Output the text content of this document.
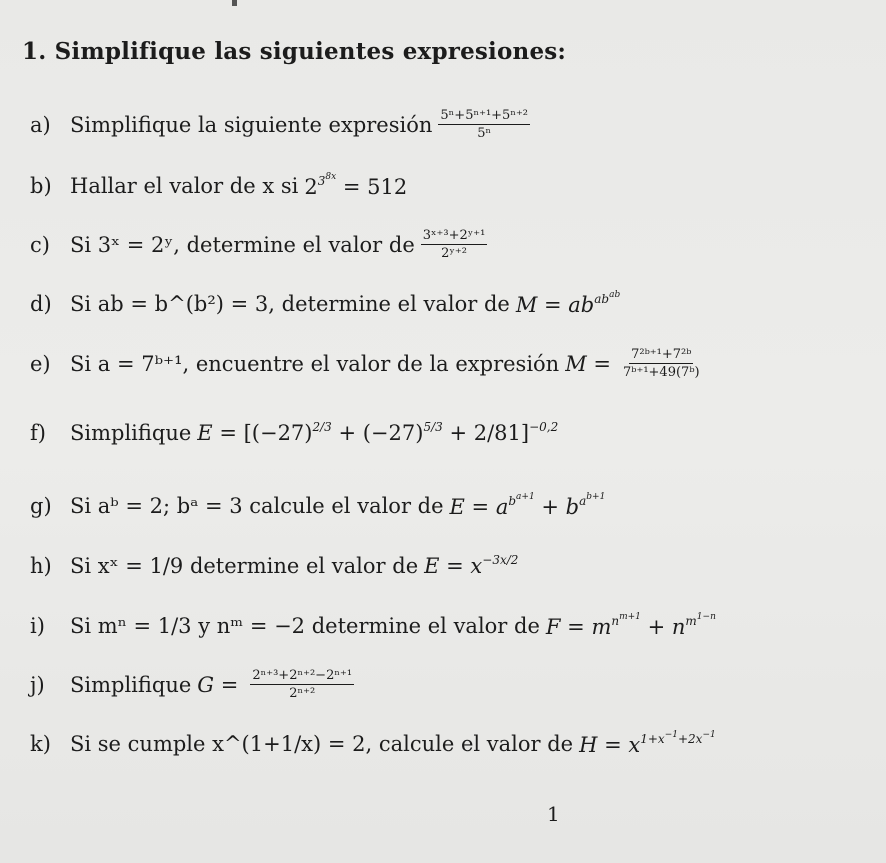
1. Simplifique las siguientes expresiones:
a) Simplifique la siguiente expresión $\frac{\text{5ⁿ+5ⁿ⁺¹+5ⁿ⁺²}}{\text{5ⁿ}}$
b) Hallar el valor de x si $2^{3^{8x}} = 512$
c) Si 3ˣ = 2ʸ, determine el valor de $\frac{\text{3ˣ⁺³+2ʸ⁺¹}}{\text{2ʸ⁺²}}$
d) Si ab = b^(b²) = 3, determine el valor de $M = ab^{ab^{ab}}$
e) Si a = 7ᵇ⁺¹, encuentre el valor de la expresión $M = \frac{\text{7²ᵇ⁺¹+7²ᵇ}}{\text{7ᵇ⁺¹+49(7ᵇ)}}$
f)	Simplifique $E = [(-27)^{2/3} + (-27)^{5/3} + 2/81]^{-0,2}$
g) Si aᵇ = 2; bᵃ = 3 calcule el valor de $E = a^{b^{a+1}} + b^{a^{b+1}}$
h) Si xˣ = 1/9 determine el valor de $E = x^{-3x/2}$
i)	Si mⁿ = 1/3 y nᵐ = −2 determine el valor de $F = m^{n^{m+1}} + n^{m^{1-n}}$
j)	Simplifique $G = \frac{\text{2ⁿ⁺³+2ⁿ⁺²−2ⁿ⁺¹}}{\text{2ⁿ⁺²}}$
k) Si se cumple x^(1+1/x) = 2, calcule el valor de $H = x^{1+x^{-1}+2x^{-1}}$
1
